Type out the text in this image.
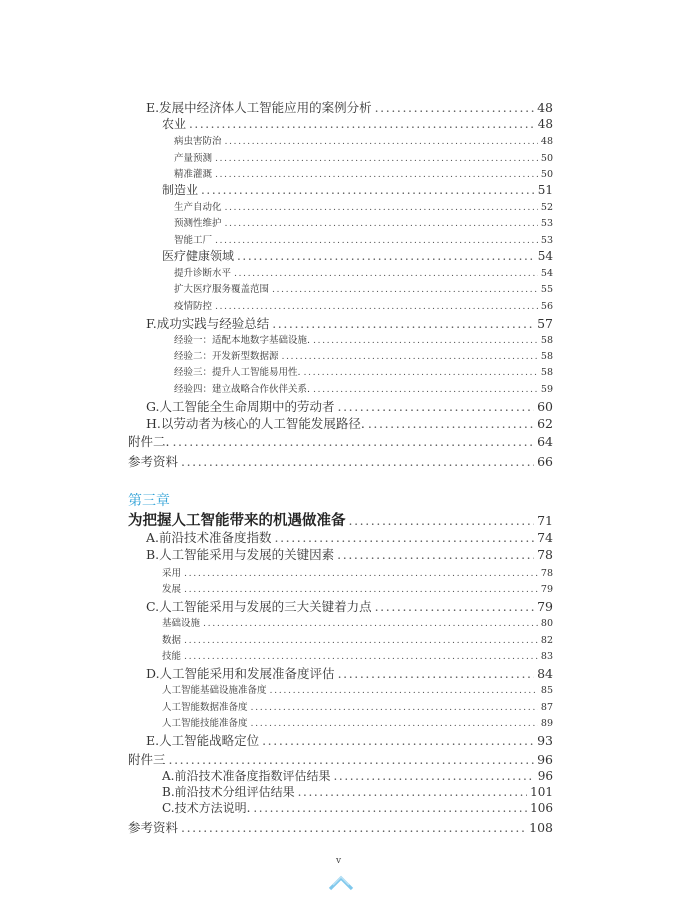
E.发展中经济体人工智能应用的案例分析 .....	48
农业 .....	48
病虫害防治 .....	48
产量预测 .....	50
精准灌溉 .....	50
制造业 .....	51
生产自动化 .....	52
预测性维护 .....	53
智能工厂 .....	53
医疗健康领域 .....	54
提升诊断水平 .....	54
扩大医疗服务覆盖范围 .....	55
疫情防控 .....	56
F.成功实践与经验总结 .....	57
经验一：适配本地数字基础设施. .....	58
经验二：开发新型数据源 .....	58
经验三：提升人工智能易用性. .....	58
经验四：建立战略合作伙伴关系. .....	59
G.人工智能全生命周期中的劳动者 .....	60
H.以劳动者为核心的人工智能发展路径. .....	62
附件二. .....	64
参考资料 .....	66
第三章
为把握人工智能带来的机遇做准备 .....	71
A.前沿技术准备度指数 .....	74
B.人工智能采用与发展的关键因素 .....	78
采用 .....	78
发展 .....	79
C.人工智能采用与发展的三大关键着力点 .....	79
基础设施 .....	80
数据 .....	82
技能 .....	83
D.人工智能采用和发展准备度评估 .....	84
人工智能基础设施准备度 .....	85
人工智能数据准备度 .....	87
人工智能技能准备度 .....	89
E.人工智能战略定位 .....	93
附件三 .....	96
A.前沿技术准备度指数评估结果 .....	96
B.前沿技术分组评估结果 .....	101
C.技术方法说明. .....	106
参考资料 .....	108
v
